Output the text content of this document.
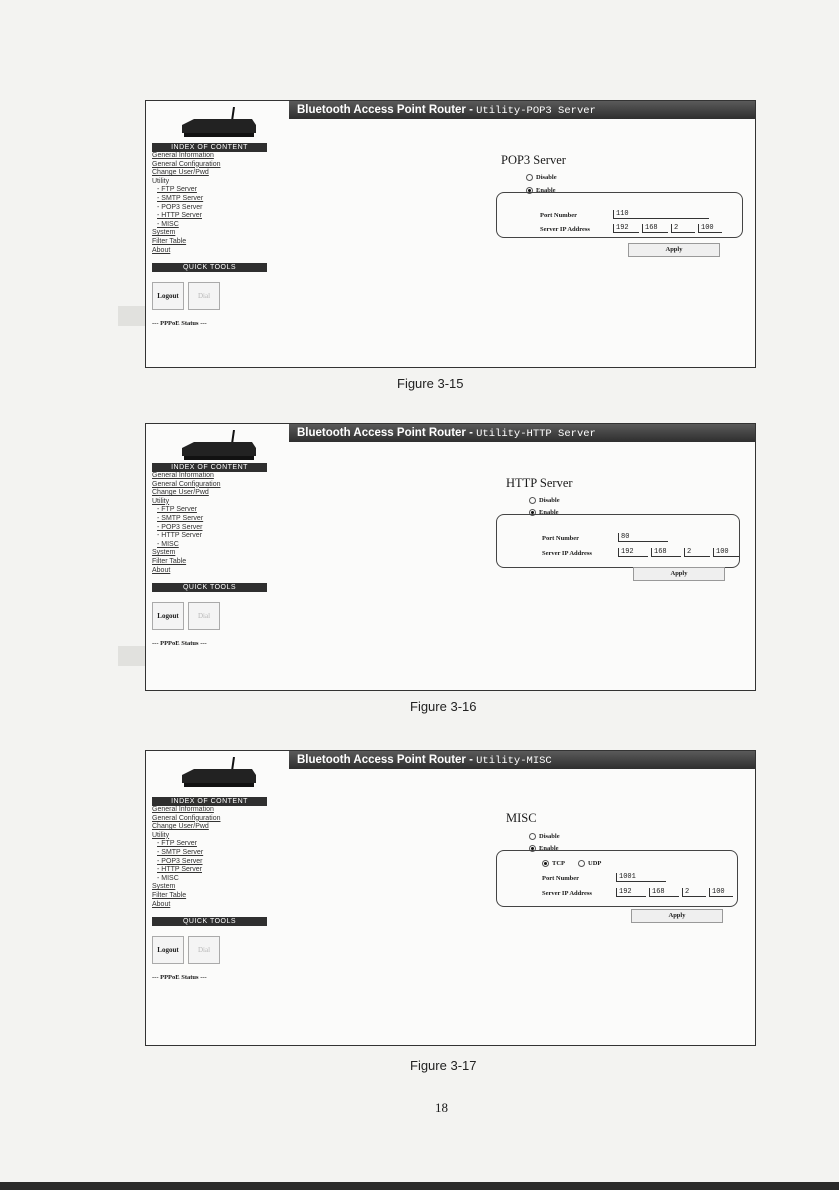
Bluetooth Access Point Router - Utility-POP3 Server
INDEX OF CONTENT
General Information
General Configuration
Change User/Pwd
Utility
- FTP Server
- SMTP Server
- POP3 Server
- HTTP Server
- MISC
System
Filter Table
About
QUICK TOOLS
Logout	Dial
--- PPPoE Status ---
POP3 Server
Disable
Enable
Port Number	110
Server IP Address	192	168	2	100
Apply
Figure 3-15
Bluetooth Access Point Router - Utility-HTTP Server
INDEX OF CONTENT
General Information
General Configuration
Change User/Pwd
Utility
- FTP Server
- SMTP Server
- POP3 Server
- HTTP Server
- MISC
System
Filter Table
About
QUICK TOOLS
Logout	Dial
--- PPPoE Status ---
HTTP Server
Disable
Enable
Port Number	80
Server IP Address	192	168	2	100
Apply
Figure 3-16
Bluetooth Access Point Router - Utility-MISC
INDEX OF CONTENT
General Information
General Configuration
Change User/Pwd
Utility
- FTP Server
- SMTP Server
- POP3 Server
- HTTP Server
- MISC
System
Filter Table
About
QUICK TOOLS
Logout	Dial
--- PPPoE Status ---
MISC
Disable
Enable
TCP	UDP
Port Number	1001
Server IP Address	192	168	2	100
Apply
Figure 3-17
18
